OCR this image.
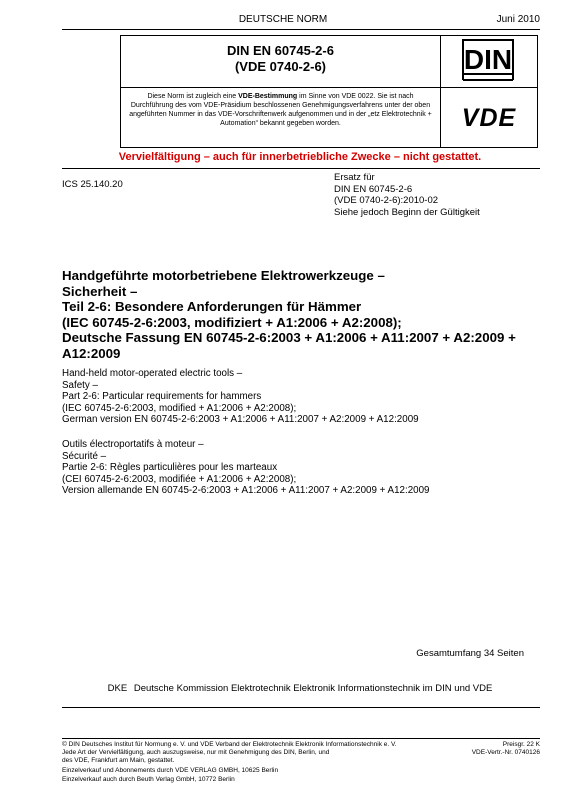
DEUTSCHE NORM	Juni 2010
DIN EN 60745-2-6
(VDE 0740-2-6)	DIN
Diese Norm ist zugleich eine VDE-Bestimmung im Sinne von VDE 0022. Sie ist nach Durchführung des vom VDE-Präsidium beschlossenen Genehmigungsverfahrens unter der oben angeführten Nummer in das VDE-Vorschriftenwerk aufgenommen und in der „etz Elektrotechnik + Automation“ bekannt gegeben worden.	VDE
Vervielfältigung – auch für innerbetriebliche Zwecke – nicht gestattet.
ICS 25.140.20
Ersatz für
DIN EN 60745-2-6
(VDE 0740-2-6):2010-02
Siehe jedoch Beginn der Gültigkeit
Handgeführte motorbetriebene Elektrowerkzeuge –
Sicherheit –
Teil 2-6: Besondere Anforderungen für Hämmer
(IEC 60745-2-6:2003, modifiziert + A1:2006 + A2:2008);
Deutsche Fassung EN 60745-2-6:2003 + A1:2006 + A11:2007 + A2:2009 +
A12:2009
Hand-held motor-operated electric tools –
Safety –
Part 2-6: Particular requirements for hammers
(IEC 60745-2-6:2003, modified + A1:2006 + A2:2008);
German version EN 60745-2-6:2003 + A1:2006 + A11:2007 + A2:2009 + A12:2009
Outils électroportatifs à moteur –
Sécurité –
Partie 2-6: Règles particulières pour les marteaux
(CEI 60745-2-6:2003, modifiée + A1:2006 + A2:2008);
Version allemande EN 60745-2-6:2003 + A1:2006 + A11:2007 + A2:2009 + A12:2009
Gesamtumfang 34 Seiten
DKE Deutsche Kommission Elektrotechnik Elektronik Informationstechnik im DIN und VDE
© DIN Deutsches Institut für Normung e. V. und VDE Verband der Elektrotechnik Elektronik Informationstechnik e. V.
Jede Art der Vervielfältigung, auch auszugsweise, nur mit Genehmigung des DIN, Berlin, und
des VDE, Frankfurt am Main, gestattet.
Preisgr. 22 K
VDE-Vertr.-Nr. 0740126
Einzelverkauf und Abonnements durch VDE VERLAG GMBH, 10625 Berlin
Einzelverkauf auch durch Beuth Verlag GmbH, 10772 Berlin
